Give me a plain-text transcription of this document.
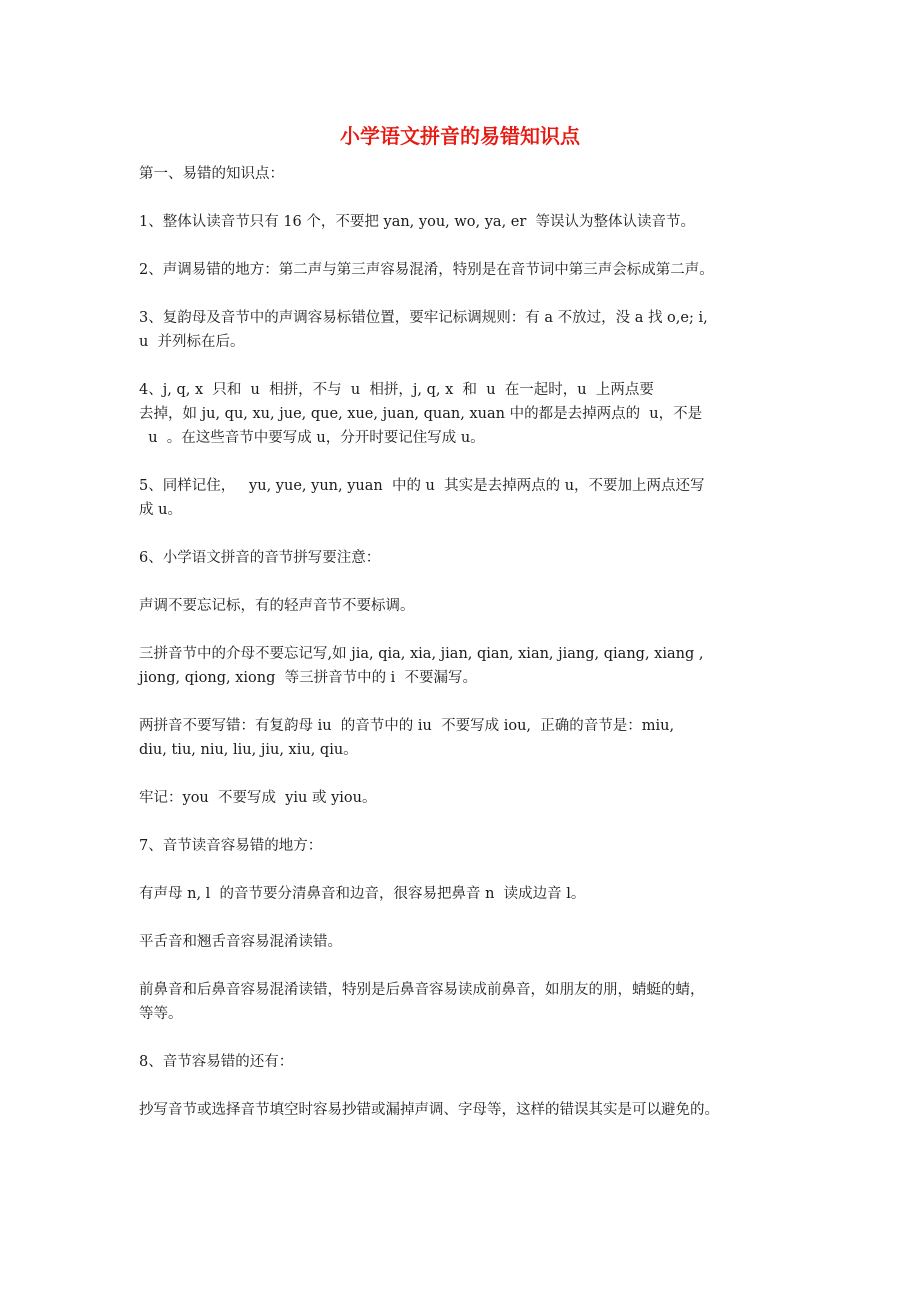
小学语文拼音的易错知识点
第一、易错的知识点：
1、整体认读音节只有 16 个，不要把 yan, you, wo, ya, er  等误认为整体认读音节。
2、声调易错的地方：第二声与第三声容易混淆，特别是在音节词中第三声会标成第二声。
3、复韵母及音节中的声调容易标错位置，要牢记标调规则：有 a 不放过，没 a 找 o,e; i,
u  并列标在后。
4、j, q, x  只和  u  相拼，不与  u  相拼，j, q, x  和  u  在一起时，u  上两点要
去掉，如 ju, qu, xu, jue, que, xue, juan, quan, xuan 中的都是去掉两点的  u，不是
u  。在这些音节中要写成 u，分开时要记住写成 u。
5、同样记住，   yu, yue, yun, yuan  中的 u  其实是去掉两点的 u，不要加上两点还写
成 u。
6、小学语文拼音的音节拼写要注意：
声调不要忘记标，有的轻声音节不要标调。
三拼音节中的介母不要忘记写,如 jia, qia, xia, jian, qian, xian, jiang, qiang, xiang ,
jiong, qiong, xiong  等三拼音节中的 i  不要漏写。
两拼音不要写错：有复韵母 iu  的音节中的 iu  不要写成 iou,  正确的音节是：miu,
diu, tiu, niu, liu, jiu, xiu, qiu。
牢记：you  不要写成  yiu 或 yiou。
7、音节读音容易错的地方：
有声母 n, l  的音节要分清鼻音和边音，很容易把鼻音 n  读成边音 l。
平舌音和翘舌音容易混淆读错。
前鼻音和后鼻音容易混淆读错，特别是后鼻音容易读成前鼻音，如朋友的朋，蜻蜓的蜻，
等等。
8、音节容易错的还有：
抄写音节或选择音节填空时容易抄错或漏掉声调、字母等，这样的错误其实是可以避免的。
